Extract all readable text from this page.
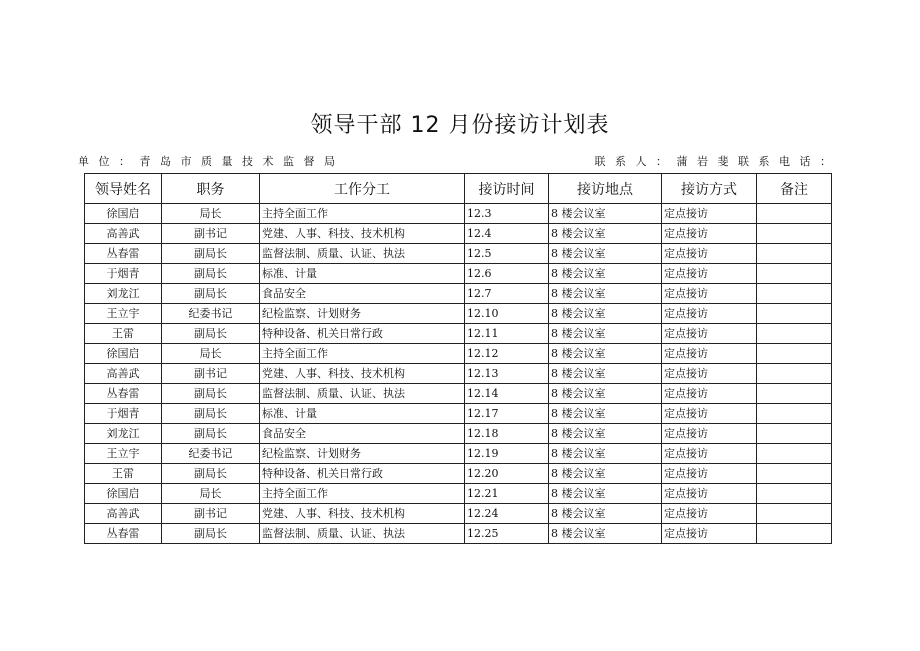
领导干部 12 月份接访计划表
单 位 ： 青 岛 市 质 量 技 术 监 督 局	联 系 人 ： 蒲 岩 斐 联 系 电 话 ：
领导姓名	职务	工作分工	接访时间	接访地点	接访方式	备注
徐国启	局长	主持全面工作	12.3	8 楼会议室	定点接访	
高善武	副书记	党建、人事、科技、技术机构	12.4	8 楼会议室	定点接访	
丛春雷	副局长	监督法制、质量、认证、执法	12.5	8 楼会议室	定点接访	
于烟青	副局长	标准、计量	12.6	8 楼会议室	定点接访	
刘龙江	副局长	食品安全	12.7	8 楼会议室	定点接访	
王立宇	纪委书记	纪检监察、计划财务	12.10	8 楼会议室	定点接访	
王雷	副局长	特种设备、机关日常行政	12.11	8 楼会议室	定点接访	
徐国启	局长	主持全面工作	12.12	8 楼会议室	定点接访	
高善武	副书记	党建、人事、科技、技术机构	12.13	8 楼会议室	定点接访	
丛春雷	副局长	监督法制、质量、认证、执法	12.14	8 楼会议室	定点接访	
于烟青	副局长	标准、计量	12.17	8 楼会议室	定点接访	
刘龙江	副局长	食品安全	12.18	8 楼会议室	定点接访	
王立宇	纪委书记	纪检监察、计划财务	12.19	8 楼会议室	定点接访	
王雷	副局长	特种设备、机关日常行政	12.20	8 楼会议室	定点接访	
徐国启	局长	主持全面工作	12.21	8 楼会议室	定点接访	
高善武	副书记	党建、人事、科技、技术机构	12.24	8 楼会议室	定点接访	
丛春雷	副局长	监督法制、质量、认证、执法	12.25	8 楼会议室	定点接访	
